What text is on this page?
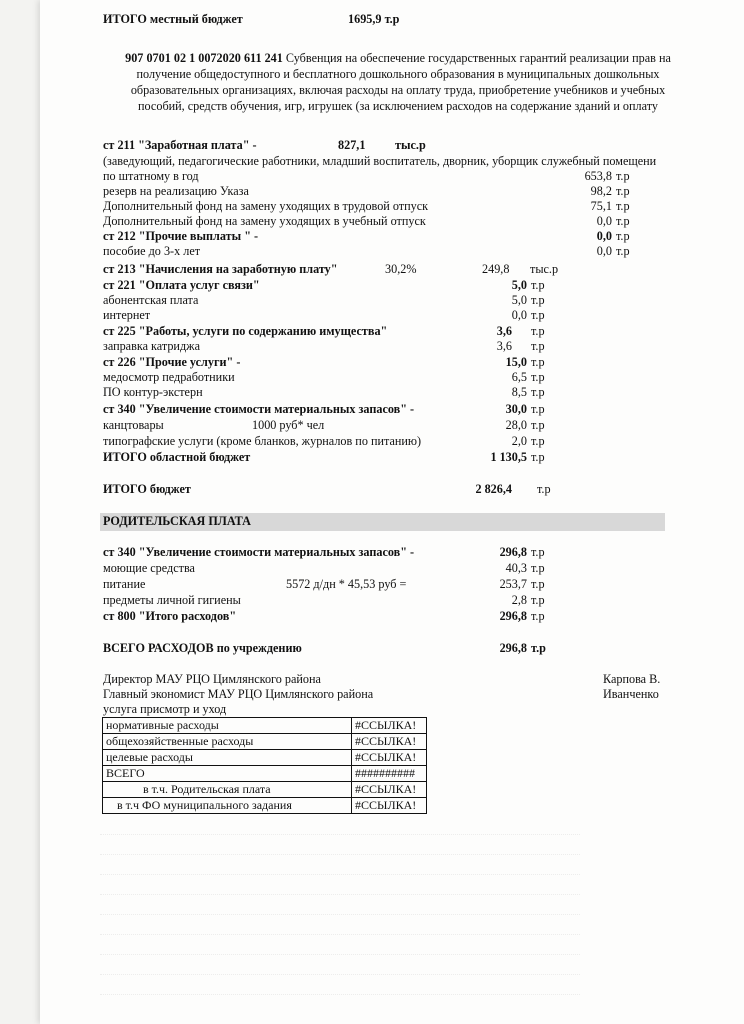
ИТОГО местный бюджет	1695,9 т.р
907 0701 02 1 0072020 611 241 Субвенция на обеспечение государственных гарантий реализации прав на получение общедоступного и бесплатного дошкольного образования в муниципальных дошкольных образовательных организациях, включая расходы на оплату труда, приобретение учебников и учебных пособий, средств обучения, игр, игрушек (за исключением расходов на содержание зданий и оплату
ст 211 "Заработная плата" -	827,1 тыс.р
(заведующий, педагогические работники, младший воспитатель, дворник, уборщик служебный помещени
по штатному в год	653,8 т.р
резерв на реализацию Указа	98,2 т.р
Дополнительный фонд на замену уходящих в трудовой отпуск	75,1 т.р
Дополнительный фонд на замену уходящих в учебный отпуск	0,0 т.р
ст 212 "Прочие выплаты " -	0,0 т.р
пособие до 3-х лет	0,0 т.р
ст 213 "Начисления на заработную плату"	30,2%	249,8 тыс.р
ст 221 "Оплата услуг связи"	5,0 т.р
абонентская плата	5,0 т.р
интернет	0,0 т.р
ст 225 "Работы, услуги по содержанию имущества"	3,6 т.р
заправка катриджа	3,6 т.р
ст 226 "Прочие услуги" -	15,0 т.р
медосмотр педработники	6,5 т.р
ПО контур-экстерн	8,5 т.р
ст 340 "Увеличение стоимости материальных запасов" -	30,0 т.р
канцтовары	1000 руб* чел	28,0 т.р
типографские услуги (кроме бланков, журналов по питанию)	2,0 т.р
ИТОГО областной бюджет	1 130,5 т.р
ИТОГО бюджет	2 826,4 т.р
РОДИТЕЛЬСКАЯ ПЛАТА
ст 340 "Увеличение стоимости материальных запасов" -	296,8 т.р
моющие средства	40,3 т.р
питание	5572 д/дн * 45,53 руб =	253,7 т.р
предметы личной гигиены	2,8 т.р
ст 800 "Итого расходов"	296,8 т.р
ВСЕГО РАСХОДОВ по учреждению	296,8 т.р
Директор МАУ РЦО Цимлянского района	Карпова В.
Главный экономист МАУ РЦО Цимлянского района	Иванченко
услуга присмотр и уход
нормативные расходы	#ССЫЛКА!
общехозяйственные расходы	#ССЫЛКА!
целевые расходы	#ССЫЛКА!
ВСЕГО	##########
в т.ч. Родительская плата	#ССЫЛКА!
в т.ч ФО муниципального задания	#ССЫЛКА!
